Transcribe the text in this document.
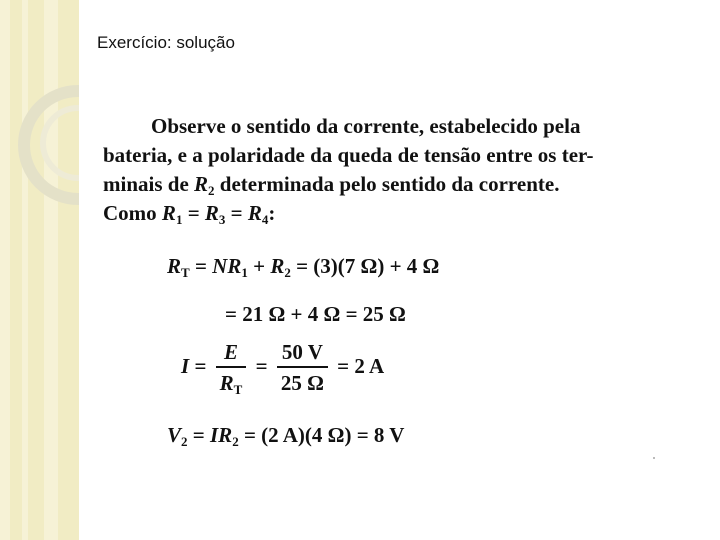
Exercício: solução
Observe o sentido da corrente, estabelecido pela
bateria, e a polaridade da queda de tensão entre os ter-
minais de $R_2$ determinada pelo sentido da corrente.
Como $R_1 = R_3 = R_4$:
$R_T = NR_1 + R_2 = (3)(7$ Ω) + 4 Ω
= 21 Ω + 4 Ω = 25 Ω
$I = \frac{E}{R_T} = \frac{50 V}{25 \Omega} = 2$ A
$V_2 = IR_2 = (2$ A)(4 Ω) = 8 V
